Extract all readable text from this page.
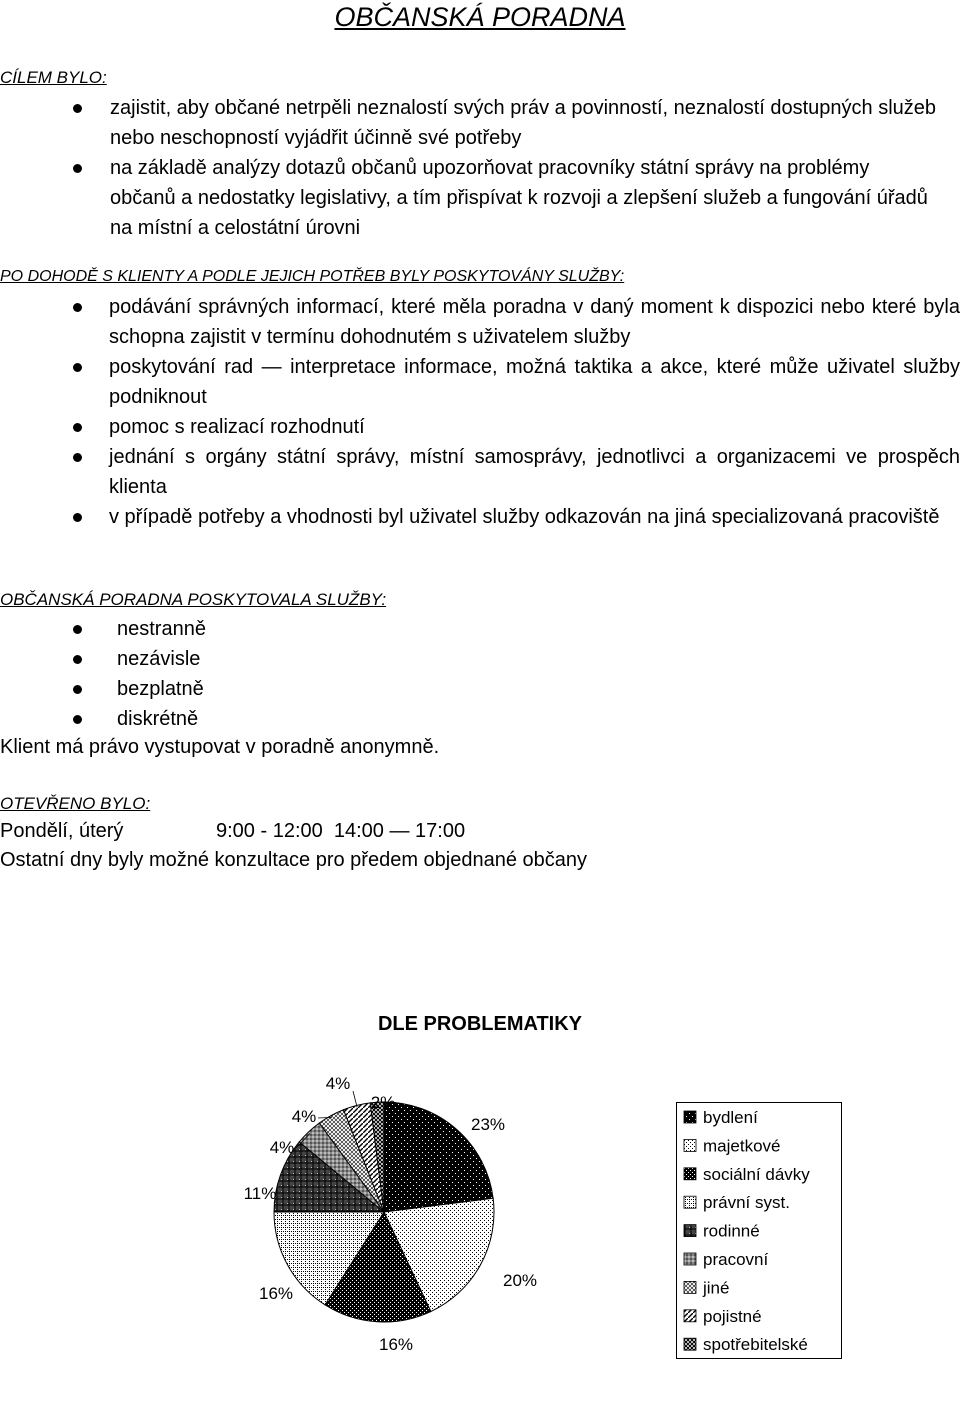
OBČANSKÁ PORADNA
CÍLEM BYLO:
zajistit, aby občané netrpěli neznalostí svých práv a povinností, neznalostí dostupných služeb nebo neschopností vyjádřit účinně své potřeby
na základě analýzy dotazů občanů upozorňovat pracovníky státní správy na problémy občanů a nedostatky legislativy, a tím přispívat k rozvoji a zlepšení služeb a fungování úřadů na místní a celostátní úrovni
PO DOHODĚ S KLIENTY A PODLE JEJICH POTŘEB BYLY POSKYTOVÁNY SLUŽBY:
podávání správných informací, které měla poradna v daný moment k dispozici nebo které byla schopna zajistit v termínu dohodnutém s uživatelem služby
poskytování rad — interpretace informace, možná taktika a akce, které může uživatel služby podniknout
pomoc s realizací rozhodnutí
jednání s orgány státní správy, místní samosprávy, jednotlivci a organizacemi ve prospěch klienta
v případě potřeby a vhodnosti byl uživatel služby odkazován na jiná specializovaná pracoviště
OBČANSKÁ PORADNA POSKYTOVALA SLUŽBY:
nestranně
nezávisle
bezplatně
diskrétně
Klient má právo vystupovat v poradně anonymně.
OTEVŘENO BYLO:
Pondělí, úterý	9:00 - 12:00  14:00 — 17:00
Ostatní dny byly možné konzultace pro předem objednané občany
DLE PROBLEMATIKY
23%
20%
16%
16%
11%
4%
4%
4%
2%
bydlení
majetkové
sociální dávky
právní syst.
rodinné
pracovní
jiné
pojistné
spotřebitelské
